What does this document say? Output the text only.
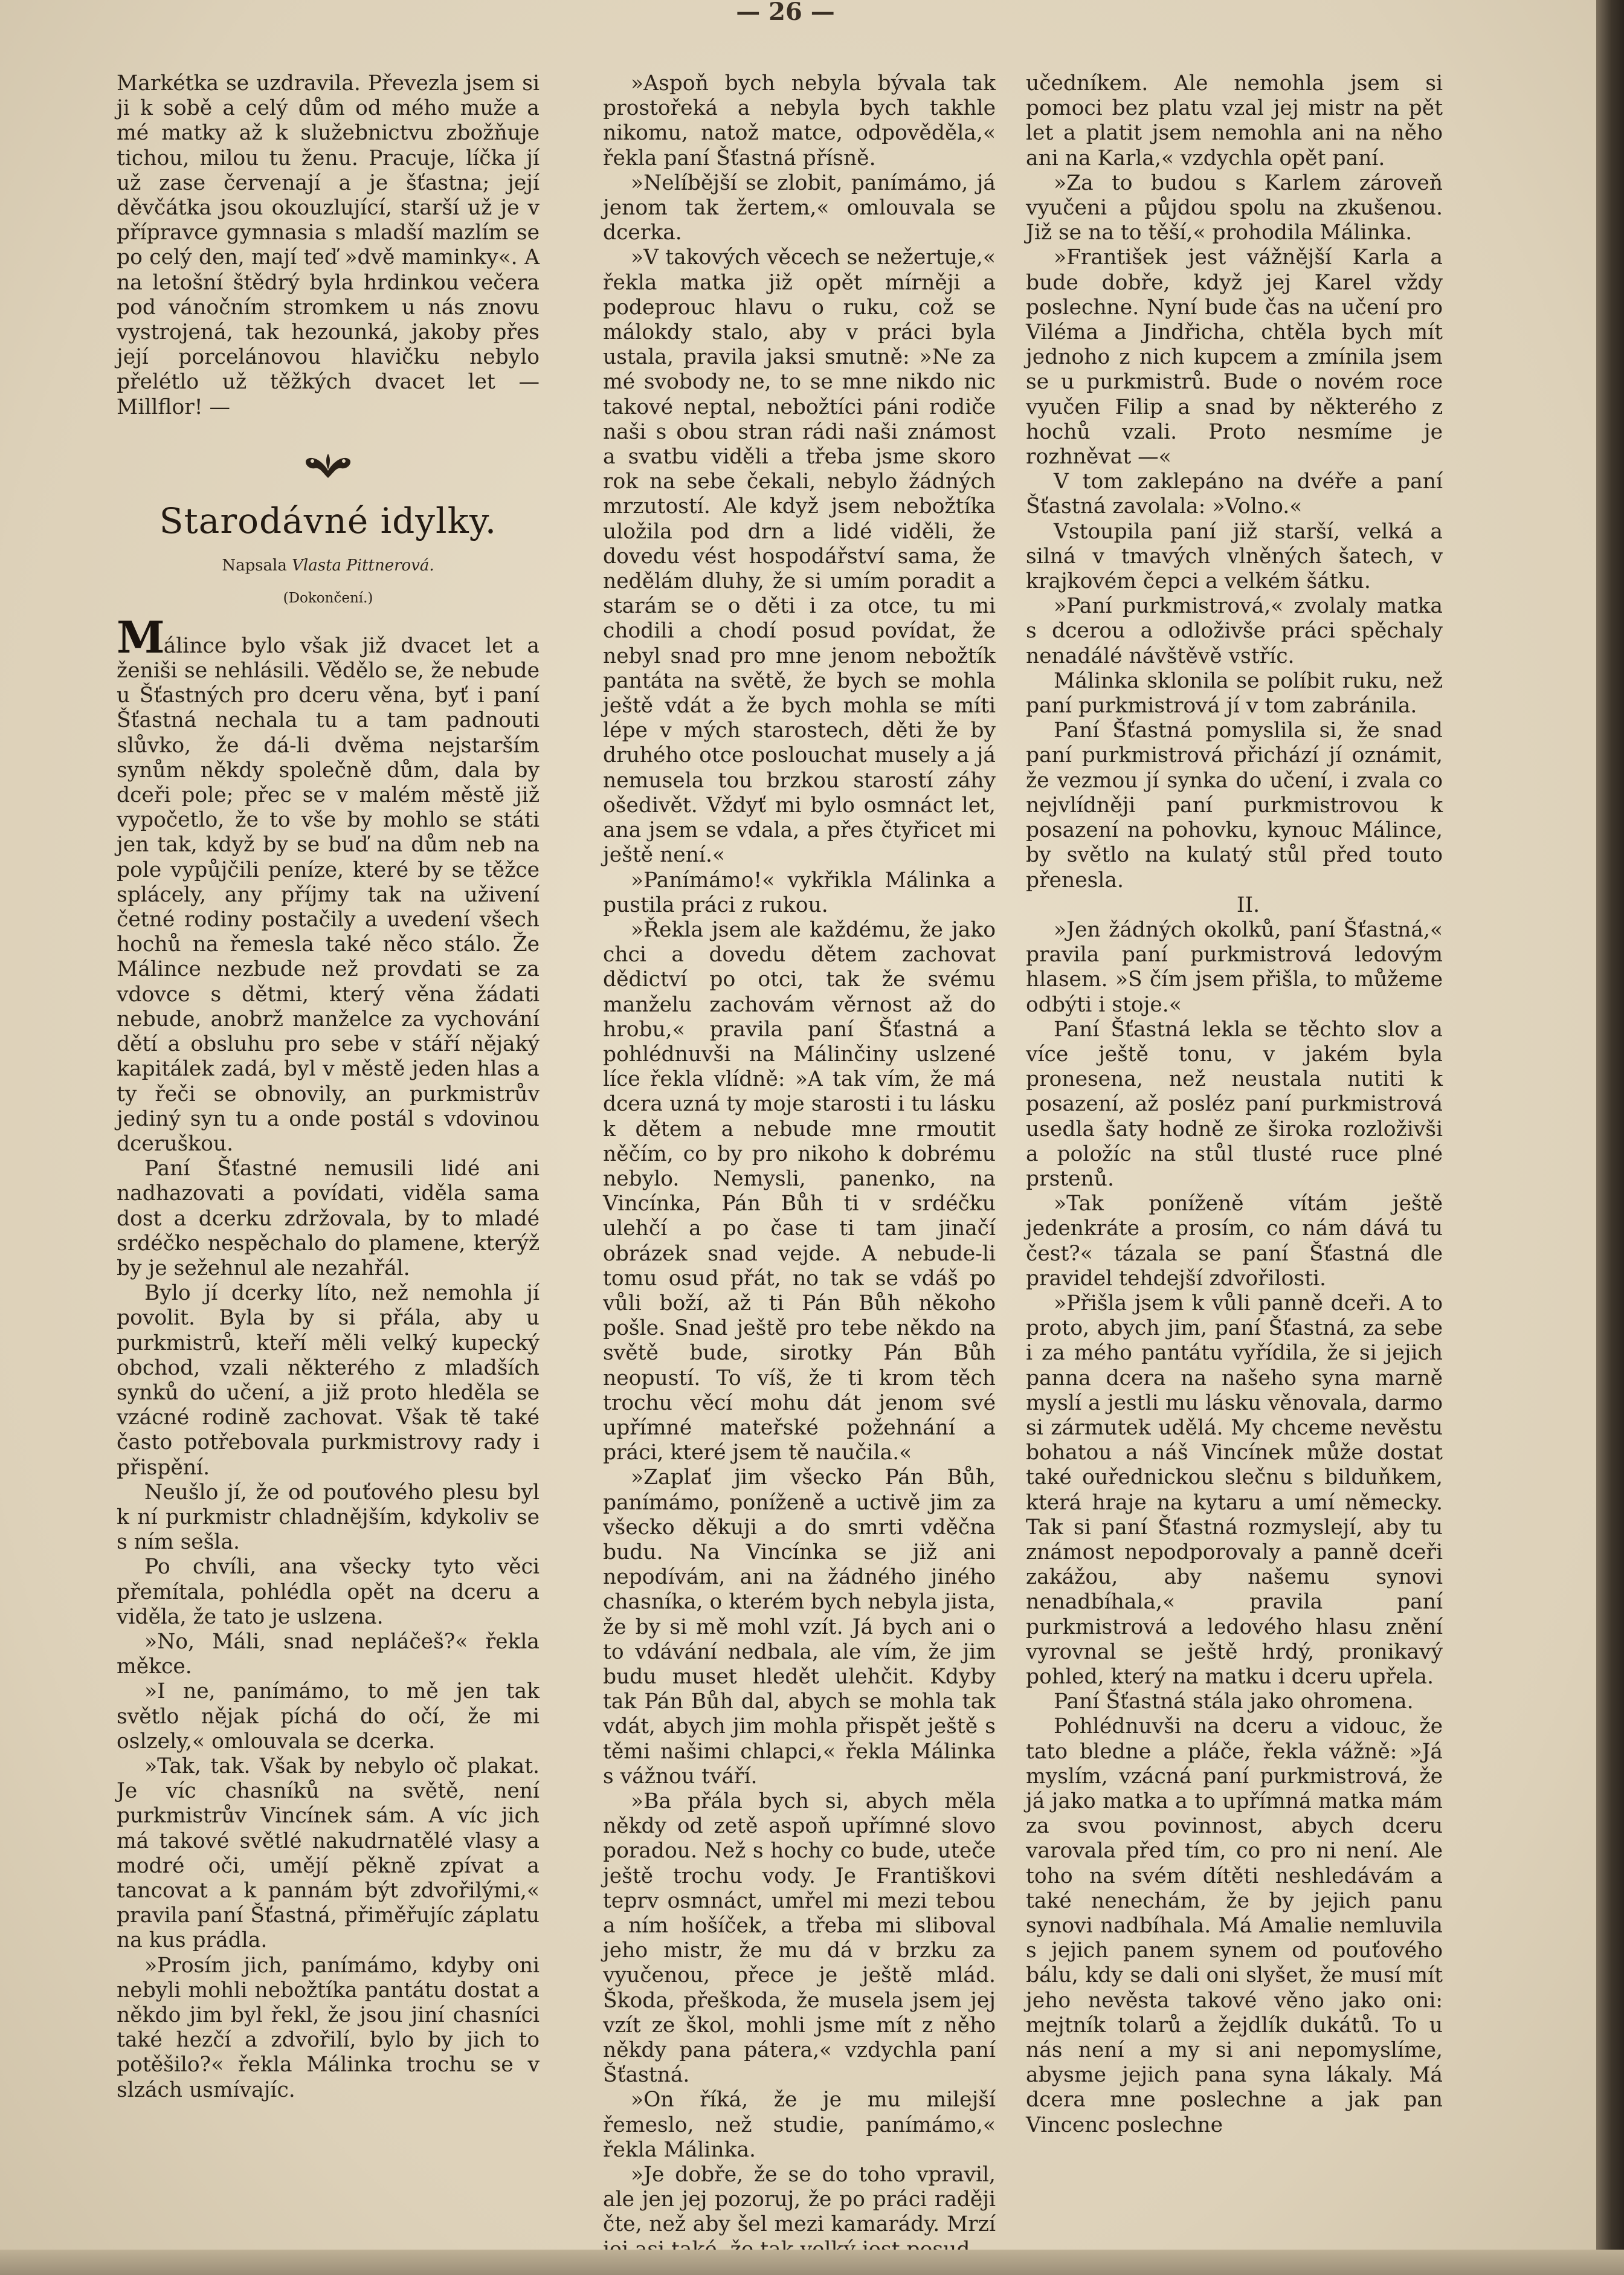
— 26 —

Markétka se uzdravila. Převezla jsem si ji k sobě a celý dům od mého muže a mé matky až k služebnictvu zbožňuje tichou, milou tu ženu. Pracuje, líčka jí už zase červenají a je šťastna; její děvčátka jsou okouzlující, starší už je v přípravce gymnasia s mladší mazlím se po celý den, mají teď »dvě maminky«. A na letošní štědrý byla hrdinkou večera pod vánočním stromkem u nás znovu vystrojená, tak hezounká, jakoby přes její porcelánovou hlavičku nebylo přelétlo už těžkých dvacet let — Millflor! —

Starodávné idylky.
Napsala Vlasta Pittnerová.
(Dokončení.)

Málince bylo však již dvacet let a ženiši se nehlásili. Vědělo se, že nebude u Šťastných pro dceru věna, byť i paní Šťastná nechala tu a tam padnouti slůvko, že dá-li dvěma nejstarším synům někdy společně dům, dala by dceři pole; přec se v malém městě již vypočetlo, že to vše by mohlo se státi jen tak, když by se buď na dům neb na pole vypůjčili peníze, které by se těžce splácely, any příjmy tak na uživení četné rodiny postačily a uvedení všech hochů na řemesla také něco stálo. Že Málince nezbude než provdati se za vdovce s dětmi, který věna žádati nebude, anobrž manželce za vychování dětí a obsluhu pro sebe v stáří nějaký kapitálek zadá, byl v městě jeden hlas a ty řeči se obnovily, an purkmistrův jediný syn tu a onde postál s vdovinou dceruškou.

Paní Šťastné nemusili lidé ani nadhazovati a povídati, viděla sama dost a dcerku zdržovala, by to mladé srdéčko nespěchalo do plamene, kterýž by je sežehnul ale nezahřál.

Bylo jí dcerky líto, než nemohla jí povolit. Byla by si přála, aby u purkmistrů, kteří měli velký kupecký obchod, vzali některého z mladších synků do učení, a již proto hleděla se vzácné rodině zachovat. Však tě také často potřebovala purkmistrovy rady i přispění.

Neušlo jí, že od pouťového plesu byl k ní purkmistr chladnějším, kdykoliv se s ním sešla.

Po chvíli, ana všecky tyto věci přemítala, pohlédla opět na dceru a viděla, že tato je uslzena.

»No, Máli, snad nepláčeš?« řekla měkce.

»I ne, panímámo, to mě jen tak světlo nějak píchá do očí, že mi oslzely,« omlouvala se dcerka.

»Tak, tak. Však by nebylo oč plakat. Je víc chasníků na světě, není purkmistrův Vincínek sám. A víc jich má takové světlé nakudrnatělé vlasy a modré oči, umějí pěkně zpívat a tancovat a k pannám být zdvořilými,« pravila paní Šťastná, přiměřujíc záplatu na kus prádla.

»Prosím jich, panímámo, kdyby oni nebyli mohli nebožtíka pantátu dostat a někdo jim byl řekl, že jsou jiní chasníci také hezčí a zdvořilí, bylo by jich to potěšilo?« řekla Málinka trochu se v slzách usmívajíc.

»Aspoň bych nebyla bývala tak prostořeká a nebyla bych takhle nikomu, natož matce, odpověděla,« řekla paní Šťastná přísně.

»Nelíbější se zlobit, panímámo, já jenom tak žertem,« omlouvala se dcerka.

»V takových věcech se nežertuje,« řekla matka již opět mírněji a podeprouc hlavu o ruku, což se málokdy stalo, aby v práci byla ustala, pravila jaksi smutně: »Ne za mé svobody ne, to se mne nikdo nic takové neptal, nebožtíci páni rodiče naši s obou stran rádi naši známost a svatbu viděli a třeba jsme skoro rok na sebe čekali, nebylo žádných mrzutostí. Ale když jsem nebožtíka uložila pod drn a lidé viděli, že dovedu vést hospodářství sama, že nedělám dluhy, že si umím poradit a starám se o děti i za otce, tu mi chodili a chodí posud povídat, že nebyl snad pro mne jenom nebožtík pantáta na světě, že bych se mohla ještě vdát a že bych mohla se míti lépe v mých starostech, děti že by druhého otce poslouchat musely a já nemusela tou brzkou starostí záhy ošedivět. Vždyť mi bylo osmnáct let, ana jsem se vdala, a přes čtyřicet mi ještě není.«

»Panímámo!« vykřikla Málinka a pustila práci z rukou.

»Řekla jsem ale každému, že jako chci a dovedu dětem zachovat dědictví po otci, tak že svému manželu zachovám věrnost až do hrobu,« pravila paní Šťastná a pohlédnuvši na Málinčiny uslzené líce řekla vlídně: »A tak vím, že má dcera uzná ty moje starosti i tu lásku k dětem a nebude mne rmoutit něčím, co by pro nikoho k dobrému nebylo. Nemysli, panenko, na Vincínka, Pán Bůh ti v srdéčku ulehčí a po čase ti tam jinačí obrázek snad vejde. A nebude-li tomu osud přát, no tak se vdáš po vůli boží, až ti Pán Bůh někoho pošle. Snad ještě pro tebe někdo na světě bude, sirotky Pán Bůh neopustí. To víš, že ti krom těch trochu věcí mohu dát jenom své upřímné mateřské požehnání a práci, které jsem tě naučila.«

»Zaplať jim všecko Pán Bůh, panímámo, poníženě a uctivě jim za všecko děkuji a do smrti vděčna budu. Na Vincínka se již ani nepodívám, ani na žádného jiného chasníka, o kterém bych nebyla jista, že by si mě mohl vzít. Já bych ani o to vdávání nedbala, ale vím, že jim budu muset hledět ulehčit. Kdyby tak Pán Bůh dal, abych se mohla tak vdát, abych jim mohla přispět ještě s těmi našimi chlapci,« řekla Málinka s vážnou tváří.

»Ba přála bych si, abych měla někdy od zetě aspoň upřímné slovo poradou. Než s hochy co bude, uteče ještě trochu vody. Je Františkovi teprv osmnáct, umřel mi mezi tebou a ním hošíček, a třeba mi sliboval jeho mistr, že mu dá v brzku za vyučenou, přece je ještě mlád. Škoda, přeškoda, že musela jsem jej vzít ze škol, mohli jsme mít z něho někdy pana pátera,« vzdychla paní Šťastná.

»On říká, že je mu milejší řemeslo, než studie, panímámo,« řekla Málinka.

»Je dobře, že se do toho vpravil, ale jen jej pozoruj, že po práci raději čte, než aby šel mezi kamarády. Mrzí

učedníkem. Ale nemohla jsem si pomoci bez platu vzal jej mistr na pět let a platit jsem nemohla ani na něho ani na Karla,« vzdychla opět paní.

»Za to budou s Karlem zároveň vyučeni a půjdou spolu na zkušenou. Již se na to těší,« prohodila Málinka.

»František jest vážnější Karla a bude dobře, když jej Karel vždy poslechne. Nyní bude čas na učení pro Viléma a Jindřicha, chtěla bych mít jednoho z nich kupcem a zmínila jsem se u purkmistrů. Bude o novém roce vyučen Filip a snad by některého z hochů vzali. Proto nesmíme je rozhněvat —«

V tom zaklepáno na dvéře a paní Šťastná zavolala: »Volno.«

Vstoupila paní již starší, velká a silná v tmavých vlněných šatech, v krajkovém čepci a velkém šátku.

»Paní purkmistrová,« zvolaly matka s dcerou a odloživše práci spěchaly nenadálé návštěvě vstříc.

Málinka sklonila se políbit ruku, než paní purkmistrová jí v tom zabránila.

Paní Šťastná pomyslila si, že snad paní purkmistrová přichází jí oznámit, že vezmou jí synka do učení, i zvala co nejvlídněji paní purkmistrovou k posazení na pohovku, kynouc Málince, by světlo na kulatý stůl před touto přenesla.

II.

»Jen žádných okolků, paní Šťastná,« pravila paní purkmistrová ledovým hlasem. »S čím jsem přišla, to můžeme odbýti i stoje.«

Paní Šťastná lekla se těchto slov a více ještě tonu, v jakém byla pronesena, než neustala nutiti k posazení, až posléz paní purkmistrová usedla šaty hodně ze široka rozloživši a položíc na stůl tlusté ruce plné prstenů.

»Tak poníženě vítám ještě jedenkráte a prosím, co nám dává tu čest?« tázala se paní Šťastná dle pravidel tehdejší zdvořilosti.

»Přišla jsem k vůli panně dceři. A to proto, abych jim, paní Šťastná, za sebe i za mého pantátu vyřídila, že si jejich panna dcera na našeho syna marně myslí a jestli mu lásku věnovala, darmo si zármutek udělá. My chceme nevěstu bohatou a náš Vincínek může dostat také ouřednickou slečnu s bilduňkem, která hraje na kytaru a umí německy. Tak si paní Šťastná rozmyslejí, aby tu známost nepodporovaly a panně dceři zakážou, aby našemu synovi nenadbíhala,« pravila paní purkmistrová a ledového hlasu znění vyrovnal se ještě hrdý, pronikavý pohled, který na matku i dceru upřela.

Paní Šťastná stála jako ohromena.

Pohlédnuvši na dceru a vidouc, že tato bledne a pláče, řekla vážně: »Já myslím, vzácná paní purkmistrová, že já jako matka a to upřímná matka mám za svou povinnost, abych dceru varovala před tím, co pro ni není. Ale toho na svém dítěti neshledávám a také nenechám, že by jejich panu synovi nadbíhala. Má Amalie nemluvila s jejich panem synem od pouťového bálu, kdy se dali oni slyšet, že musí mít jeho nevěsta takové věno jako oni: mejtník tolarů a žejdlík dukátů. To u nás není a my si ani nepomyslíme, abysme jejich pana syna lákaly. Má dcera mne poslechne a jak pan Vincenc poslechne
